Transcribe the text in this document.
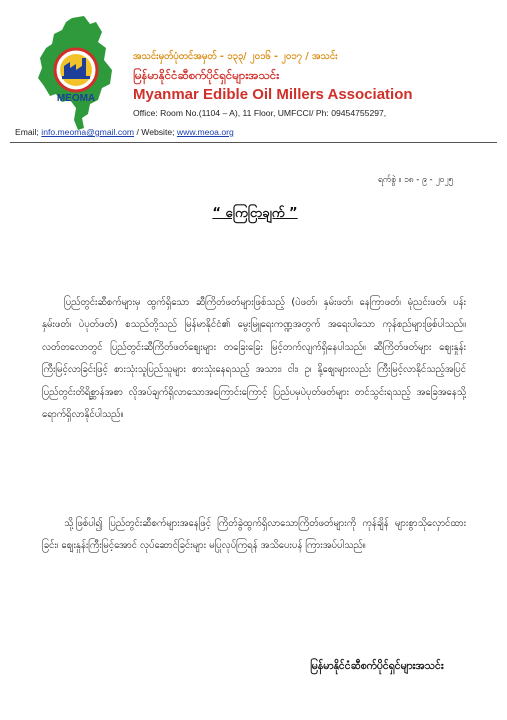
MEOMA
အသင်းမှတ်ပုံတင်အမှတ် - ၁၃၃/ ၂၀၁၆ - ၂၀၁၇ / အသင်း
မြန်မာနိုင်ငံဆီစက်ပိုင်ရှင်များအသင်း
Myanmar Edible Oil Millers Association
Office: Room No.(1104 – A), 11 Floor, UMFCCI/ Ph: 09454755297,
Email; info.meoma@gmail.com / Website; www.meoa.org
ရက်စွဲ ။ ၁၈ - ၉ - ၂၀၂၅
“ ကြေငြာချက် ”

ပြည်တွင်းဆီစက်များမှ ထွက်ရှိသော ဆီကြိတ်ဖတ်များဖြစ်သည့် (ပဲဖတ်၊ နှမ်းဖတ်၊ နေကြာဖတ်၊ မုံညင်းဖတ်၊ ပန်းနှမ်းဖတ်၊ ပဲပုတ်ဖတ်) စသည်တို့သည် မြန်မာနိုင်ငံ၏ မွေးမြူရေးကဏ္ဍအတွက် အရေးပါသော ကုန်စည်များဖြစ်ပါသည်။ လတ်တလောတွင် ပြည်တွင်းဆီကြိတ်ဖတ်စျေးများ တခြေးခြေး မြင့်တက်လျက်ရှိနေပါသည်။ ဆီကြိတ်ဖတ်များ စျေးနှုန်းကြီးမြင့်လာခြင်းဖြင့် စားသုံးသူပြည်သူများ စားသုံးနေရသည့် အသား၊ ငါး၊ ဥ၊ နို့စျေးများလည်း ကြီးမြင့်လာနိုင်သည့်အပြင် ပြည်တွင်းတိရိစ္ဆာန်အစာ လိုအပ်ချက်ရှိလာသောအကြောင်းကြောင့် ပြည်ပမှပဲပုတ်ဖတ်များ တင်သွင်းရသည့် အခြေအနေသို့ ရောက်ရှိလာနိုင်ပါသည်။

သို့ဖြစ်ပါ၍ ပြည်တွင်းဆီစက်များအနေဖြင့် ကြိတ်ခွဲထွက်ရှိလာသောကြိတ်ဖတ်များကို ကုန်ချိန် များစွာသိုလှောင်ထားခြင်း၊ စျေးနှုန်းကြီးမြင့်အောင် လုပ်ဆောင်ခြင်းများ မပြုလုပ်ကြရန် အသိပေးပန် ကြားအပ်ပါသည်။

မြန်မာနိုင်ငံဆီစက်ပိုင်ရှင်များအသင်း
